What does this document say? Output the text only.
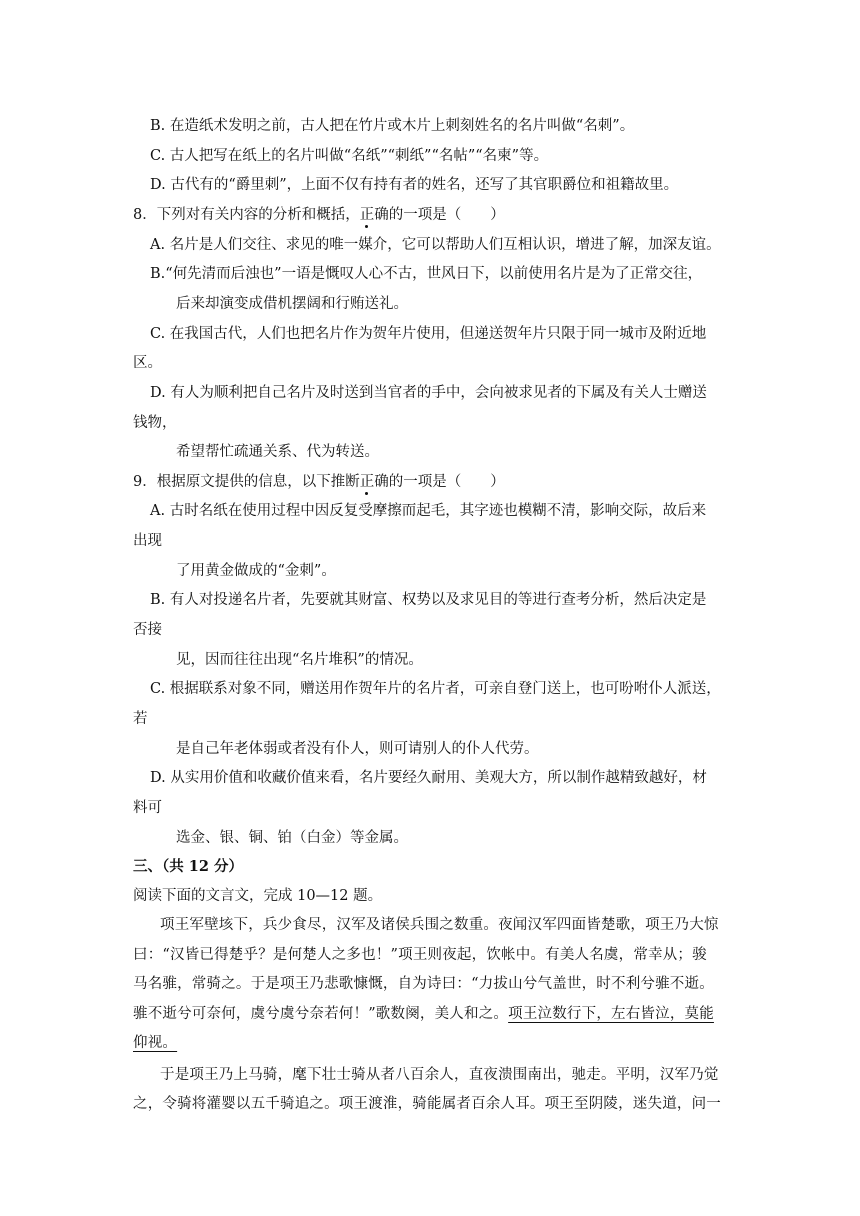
B. 在造纸术发明之前，古人把在竹片或木片上刺刻姓名的名片叫做“名刺”。
C. 古人把写在纸上的名片叫做“名纸”“刺纸”“名帖”“名柬”等。
D. 古代有的“爵里刺”，上面不仅有持有者的姓名，还写了其官职爵位和祖籍故里。
8．下列对有关内容的分析和概括，正确的一项是（　　）
A. 名片是人们交往、求见的唯一媒介，它可以帮助人们互相认识，增进了解，加深友谊。
B.“何先清而后浊也”一语是慨叹人心不古，世风日下，以前使用名片是为了正常交往，
后来却演变成借机摆阔和行贿送礼。
C. 在我国古代，人们也把名片作为贺年片使用，但递送贺年片只限于同一城市及附近地
区。
D. 有人为顺利把自己名片及时送到当官者的手中，会向被求见者的下属及有关人士赠送
钱物，
希望帮忙疏通关系、代为转送。
9．根据原文提供的信息，以下推断正确的一项是（　　）
A. 古时名纸在使用过程中因反复受摩擦而起毛，其字迹也模糊不清，影响交际，故后来
出现
了用黄金做成的“金刺”。
B. 有人对投递名片者，先要就其财富、权势以及求见目的等进行查考分析，然后决定是
否接
见，因而往往出现“名片堆积”的情况。
C. 根据联系对象不同，赠送用作贺年片的名片者，可亲自登门送上，也可吩咐仆人派送，
若
是自己年老体弱或者没有仆人，则可请别人的仆人代劳。
D. 从实用价值和收藏价值来看，名片要经久耐用、美观大方，所以制作越精致越好，材
料可
选金、银、铜、铂（白金）等金属。
三、（共 12 分）
阅读下面的文言文，完成 10—12 题。
项王军壁垓下，兵少食尽，汉军及诸侯兵围之数重。夜闻汉军四面皆楚歌，项王乃大惊
曰：“汉皆已得楚乎？是何楚人之多也！”项王则夜起，饮帐中。有美人名虞，常幸从；骏
马名骓，常骑之。于是项王乃悲歌慷慨，自为诗曰：“力拔山兮气盖世，时不利兮骓不逝。
骓不逝兮可奈何，虞兮虞兮奈若何！”歌数阕，美人和之。项王泣数行下，左右皆泣，莫能
仰视。
于是项王乃上马骑，麾下壮士骑从者八百余人，直夜溃围南出，驰走。平明，汉军乃觉
之，令骑将灌婴以五千骑追之。项王渡淮，骑能属者百余人耳。项王至阴陵，迷失道，问一
